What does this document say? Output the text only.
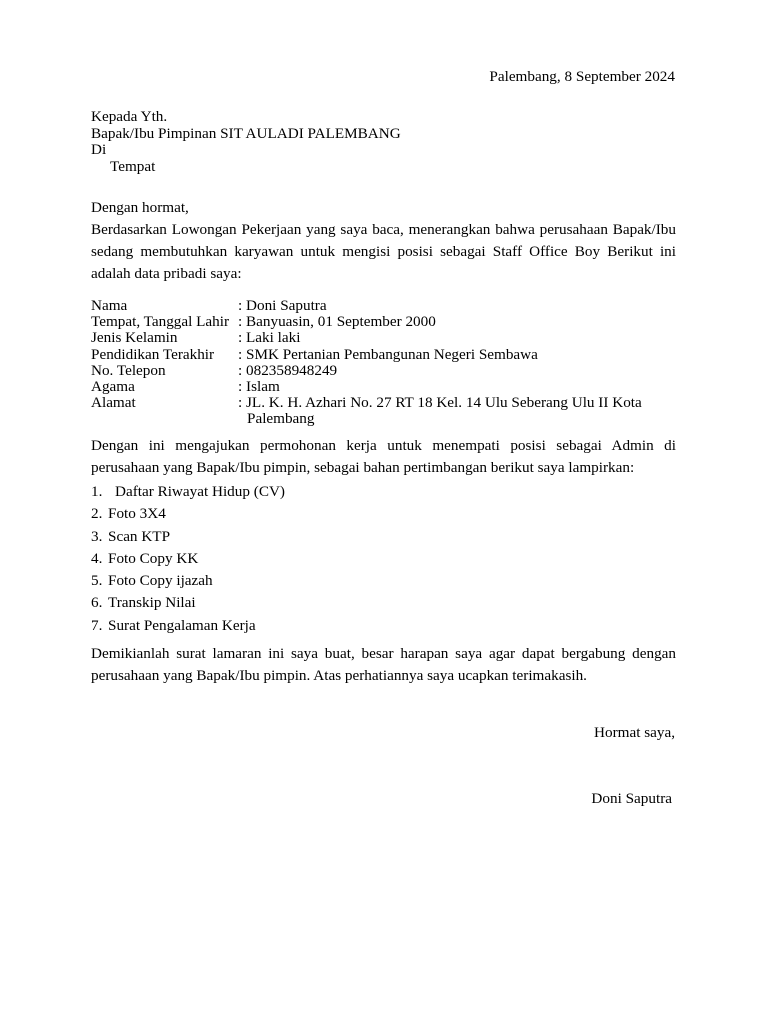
Palembang, 8 September 2024
Kepada Yth.
Bapak/Ibu Pimpinan SIT AULADI PALEMBANG
Di
Tempat
Dengan hormat,
Berdasarkan Lowongan Pekerjaan yang saya baca, menerangkan bahwa perusahaan Bapak/Ibu sedang membutuhkan karyawan untuk mengisi posisi sebagai Staff Office Boy Berikut ini adalah data pribadi saya:
Nama	: Doni Saputra
Tempat, Tanggal Lahir	: Banyuasin, 01 September 2000
Jenis Kelamin	: Laki laki
Pendidikan Terakhir	: SMK Pertanian Pembangunan Negeri Sembawa
No. Telepon	: 082358948249
Agama	: Islam
Alamat	: JL. K. H. Azhari No. 27 RT 18 Kel. 14 Ulu Seberang Ulu II Kota
Palembang
Dengan ini mengajukan permohonan kerja untuk menempati posisi sebagai Admin di perusahaan yang Bapak/Ibu pimpin, sebagai bahan pertimbangan berikut saya lampirkan:
1. Daftar Riwayat Hidup (CV)
2. Foto 3X4
3. Scan KTP
4. Foto Copy KK
5. Foto Copy ijazah
6. Transkip Nilai
7. Surat Pengalaman Kerja
Demikianlah surat lamaran ini saya buat, besar harapan saya agar dapat bergabung dengan perusahaan yang Bapak/Ibu pimpin. Atas perhatiannya saya ucapkan terimakasih.
Hormat saya,
Doni Saputra
